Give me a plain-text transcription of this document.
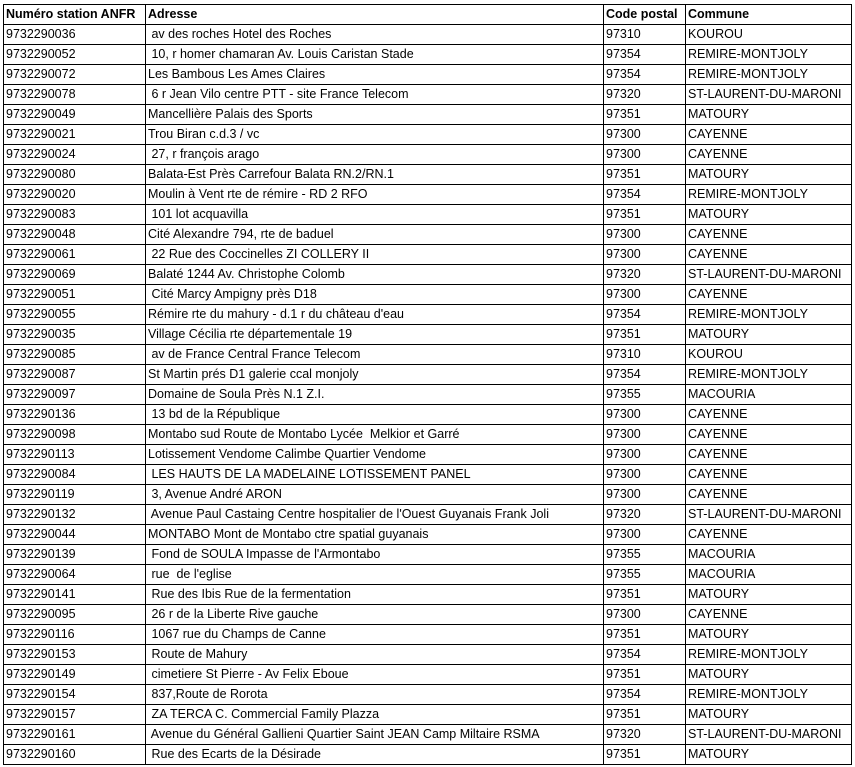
Numéro station ANFR	Adresse	Code postal	Commune
9732290036	av des roches Hotel des Roches	97310	KOUROU
9732290052	10, r homer chamaran Av. Louis Caristan Stade	97354	REMIRE-MONTJOLY
9732290072	Les Bambous Les Ames Claires	97354	REMIRE-MONTJOLY
9732290078	6 r Jean Vilo centre PTT - site France Telecom	97320	ST-LAURENT-DU-MARONI
9732290049	Mancellière Palais des Sports	97351	MATOURY
9732290021	Trou Biran c.d.3 / vc	97300	CAYENNE
9732290024	27, r françois arago	97300	CAYENNE
9732290080	Balata-Est Près Carrefour Balata RN.2/RN.1	97351	MATOURY
9732290020	Moulin à Vent rte de rémire - RD 2 RFO	97354	REMIRE-MONTJOLY
9732290083	101 lot acquavilla	97351	MATOURY
9732290048	Cité Alexandre 794, rte de baduel	97300	CAYENNE
9732290061	22 Rue des Coccinelles ZI COLLERY II	97300	CAYENNE
9732290069	Balaté 1244 Av. Christophe Colomb	97320	ST-LAURENT-DU-MARONI
9732290051	Cité Marcy Ampigny près D18	97300	CAYENNE
9732290055	Rémire rte du mahury - d.1 r du château d'eau	97354	REMIRE-MONTJOLY
9732290035	Village Cécilia rte départementale 19	97351	MATOURY
9732290085	av de France Central France Telecom	97310	KOUROU
9732290087	St Martin prés D1 galerie ccal monjoly	97354	REMIRE-MONTJOLY
9732290097	Domaine de Soula Près N.1 Z.I.	97355	MACOURIA
9732290136	13 bd de la République	97300	CAYENNE
9732290098	Montabo sud Route de Montabo Lycée  Melkior et Garré	97300	CAYENNE
9732290113	Lotissement Vendome Calimbe Quartier Vendome	97300	CAYENNE
9732290084	LES HAUTS DE LA MADELAINE LOTISSEMENT PANEL	97300	CAYENNE
9732290119	3, Avenue André ARON	97300	CAYENNE
9732290132	Avenue Paul Castaing Centre hospitalier de l'Ouest Guyanais Frank Joli	97320	ST-LAURENT-DU-MARONI
9732290044	MONTABO Mont de Montabo ctre spatial guyanais	97300	CAYENNE
9732290139	Fond de SOULA Impasse de l'Armontabo	97355	MACOURIA
9732290064	rue  de l'eglise	97355	MACOURIA
9732290141	Rue des Ibis Rue de la fermentation	97351	MATOURY
9732290095	26 r de la Liberte Rive gauche	97300	CAYENNE
9732290116	1067 rue du Champs de Canne	97351	MATOURY
9732290153	Route de Mahury	97354	REMIRE-MONTJOLY
9732290149	cimetiere St Pierre - Av Felix Eboue	97351	MATOURY
9732290154	837,Route de Rorota	97354	REMIRE-MONTJOLY
9732290157	ZA TERCA C. Commercial Family Plazza	97351	MATOURY
9732290161	Avenue du Général Gallieni Quartier Saint JEAN Camp Miltaire RSMA	97320	ST-LAURENT-DU-MARONI
9732290160	Rue des Ecarts de la Désirade	97351	MATOURY
